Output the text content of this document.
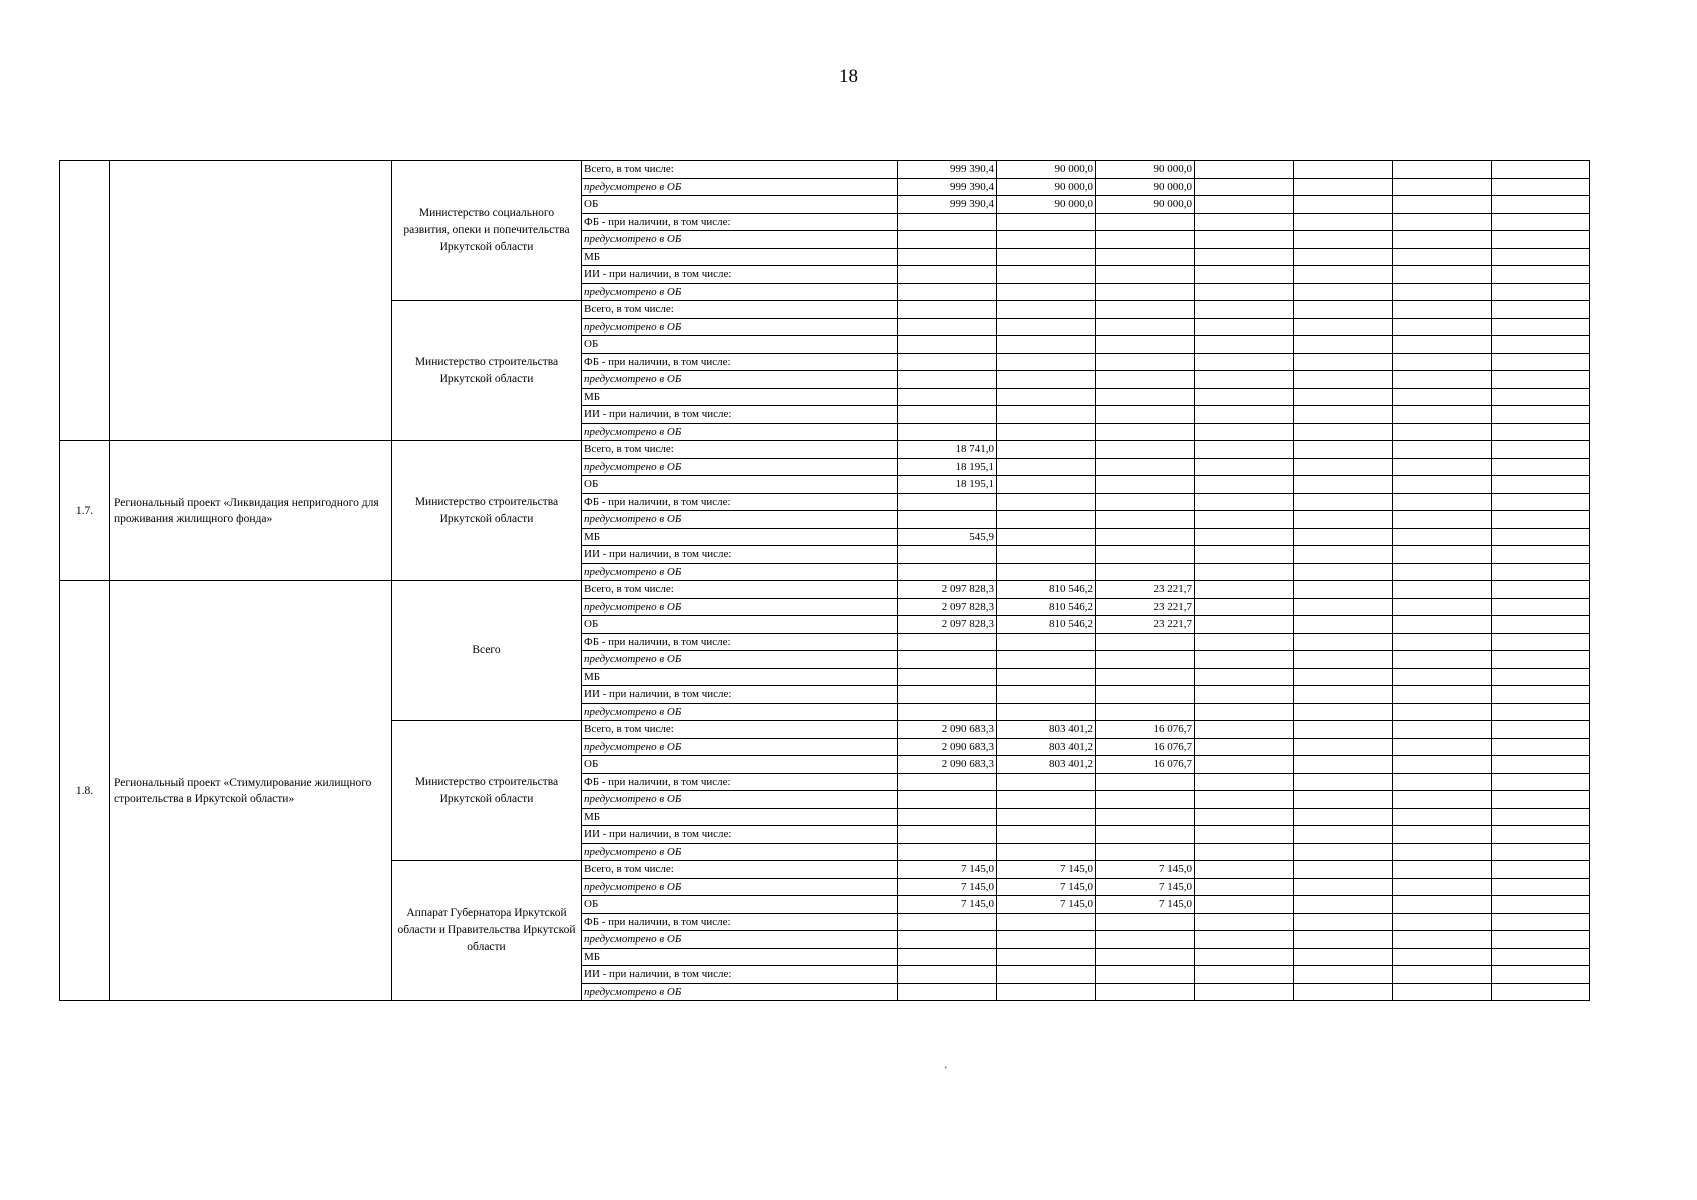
18
		Министерство социального развития, опеки и попечительства Иркутской области	Всего, в том числе:	999 390,4	90 000,0	90 000,0				
			предусмотрено в ОБ	999 390,4	90 000,0	90 000,0				
			ОБ	999 390,4	90 000,0	90 000,0				
			ФБ - при наличии, в том числе:							
			предусмотрено в ОБ							
			МБ							
			ИИ - при наличии, в том числе:							
			предусмотрено в ОБ							
		Министерство строительства Иркутской области	Всего, в том числе:							
			предусмотрено в ОБ							
			ОБ							
			ФБ - при наличии, в том числе:							
			предусмотрено в ОБ							
			МБ							
			ИИ - при наличии, в том числе:							
			предусмотрено в ОБ							
1.7.	Региональный проект «Ликвидация непригодного для проживания жилищного фонда»	Министерство строительства Иркутской области	Всего, в том числе:	18 741,0						
			предусмотрено в ОБ	18 195,1						
			ОБ	18 195,1						
			ФБ - при наличии, в том числе:							
			предусмотрено в ОБ							
			МБ	545,9						
			ИИ - при наличии, в том числе:							
			предусмотрено в ОБ							
1.8.	Региональный проект «Стимулирование жилищного строительства в Иркутской области»	Всего	Всего, в том числе:	2 097 828,3	810 546,2	23 221,7				
			предусмотрено в ОБ	2 097 828,3	810 546,2	23 221,7				
			ОБ	2 097 828,3	810 546,2	23 221,7				
			ФБ - при наличии, в том числе:							
			предусмотрено в ОБ							
			МБ							
			ИИ - при наличии, в том числе:							
			предусмотрено в ОБ							
		Министерство строительства Иркутской области	Всего, в том числе:	2 090 683,3	803 401,2	16 076,7				
			предусмотрено в ОБ	2 090 683,3	803 401,2	16 076,7				
			ОБ	2 090 683,3	803 401,2	16 076,7				
			ФБ - при наличии, в том числе:							
			предусмотрено в ОБ							
			МБ							
			ИИ - при наличии, в том числе:							
			предусмотрено в ОБ							
		Аппарат Губернатора Иркутской области и Правительства Иркутской области	Всего, в том числе:	7 145,0	7 145,0	7 145,0				
			предусмотрено в ОБ	7 145,0	7 145,0	7 145,0				
			ОБ	7 145,0	7 145,0	7 145,0				
			ФБ - при наличии, в том числе:							
			предусмотрено в ОБ							
			МБ							
			ИИ - при наличии, в том числе:							
			предусмотрено в ОБ							
`
